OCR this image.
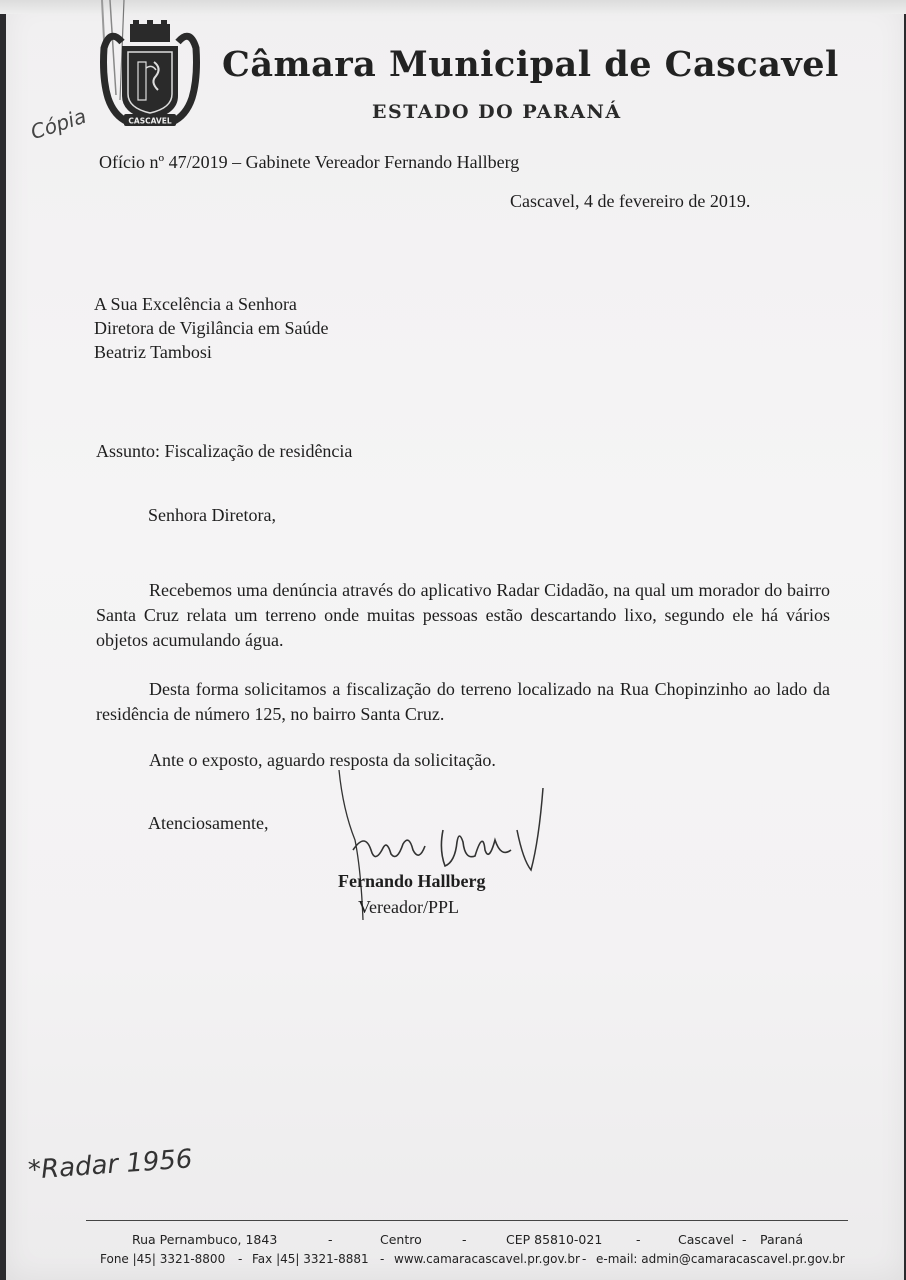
CASCAVEL
Câmara Municipal de Cascavel
ESTADO DO PARANÁ
Cópia
Ofício nº 47/2019 – Gabinete Vereador Fernando Hallberg
Cascavel, 4 de fevereiro de 2019.
A Sua Excelência a Senhora
Diretora de Vigilância em Saúde
Beatriz Tambosi
Assunto: Fiscalização de residência
Senhora Diretora,

Recebemos uma denúncia através do aplicativo Radar Cidadão, na qual um morador do bairro Santa Cruz relata um terreno onde muitas pessoas estão descartando lixo, segundo ele há vários objetos acumulando água.

Desta forma solicitamos a fiscalização do terreno localizado na Rua Chopinzinho ao lado da residência de número 125, no bairro Santa Cruz.

Ante o exposto, aguardo resposta da solicitação.

Atenciosamente,
Fernando Hallberg
Vereador/PPL
*Radar 1956
Rua Pernambuco, 1843	-	Centro	-	CEP 85810-021	-	Cascavel - Paraná
Fone |45| 3321-8800 - Fax |45| 3321-8881 - www.camaracascavel.pr.gov.br - e-mail: admin@camaracascavel.pr.gov.br
